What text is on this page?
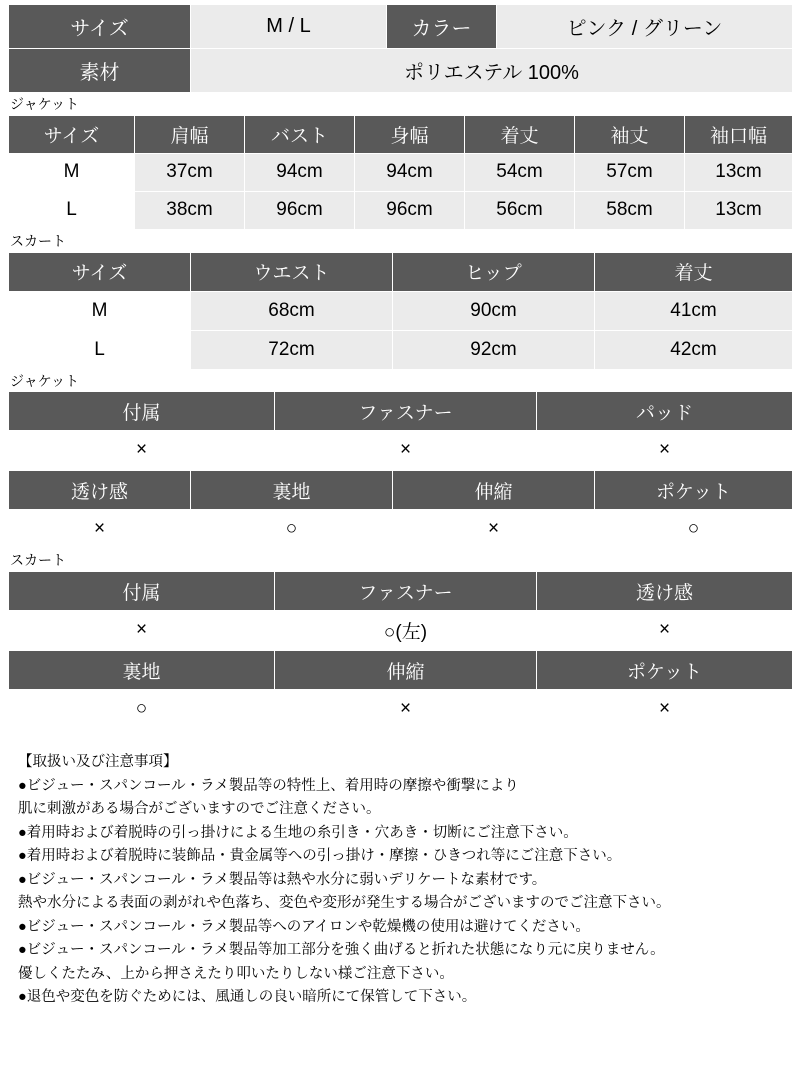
サイズ	M / L	カラー	ピンク / グリーン
素材	ポリエステル 100%		
ジャケット
サイズ	肩幅	バスト	身幅	着丈	袖丈	袖口幅
M	37cm	94cm	94cm	54cm	57cm	13cm
L	38cm	96cm	96cm	56cm	58cm	13cm
スカート
サイズ	ウエスト	ヒップ	着丈
M	68cm	90cm	41cm
L	72cm	92cm	42cm
ジャケット
付属	ファスナー	パッド
×	×	×
透け感	裏地	伸縮	ポケット
×	○	×	○
スカート
付属	ファスナー	透け感
×	○(左)	×
裏地	伸縮	ポケット
○	×	×
【取扱い及び注意事項】
●ビジュー・スパンコール・ラメ製品等の特性上、着用時の摩擦や衝撃により
肌に刺激がある場合がございますのでご注意ください。
●着用時および着脱時の引っ掛けによる生地の糸引き・穴あき・切断にご注意下さい。
●着用時および着脱時に装飾品・貴金属等への引っ掛け・摩擦・ひきつれ等にご注意下さい。
●ビジュー・スパンコール・ラメ製品等は熱や水分に弱いデリケートな素材です。
熱や水分による表面の剥がれや色落ち、変色や変形が発生する場合がございますのでご注意下さい。
●ビジュー・スパンコール・ラメ製品等へのアイロンや乾燥機の使用は避けてください。
●ビジュー・スパンコール・ラメ製品等加工部分を強く曲げると折れた状態になり元に戻りません。
優しくたたみ、上から押さえたり叩いたりしない様ご注意下さい。
●退色や変色を防ぐためには、風通しの良い暗所にて保管して下さい。
